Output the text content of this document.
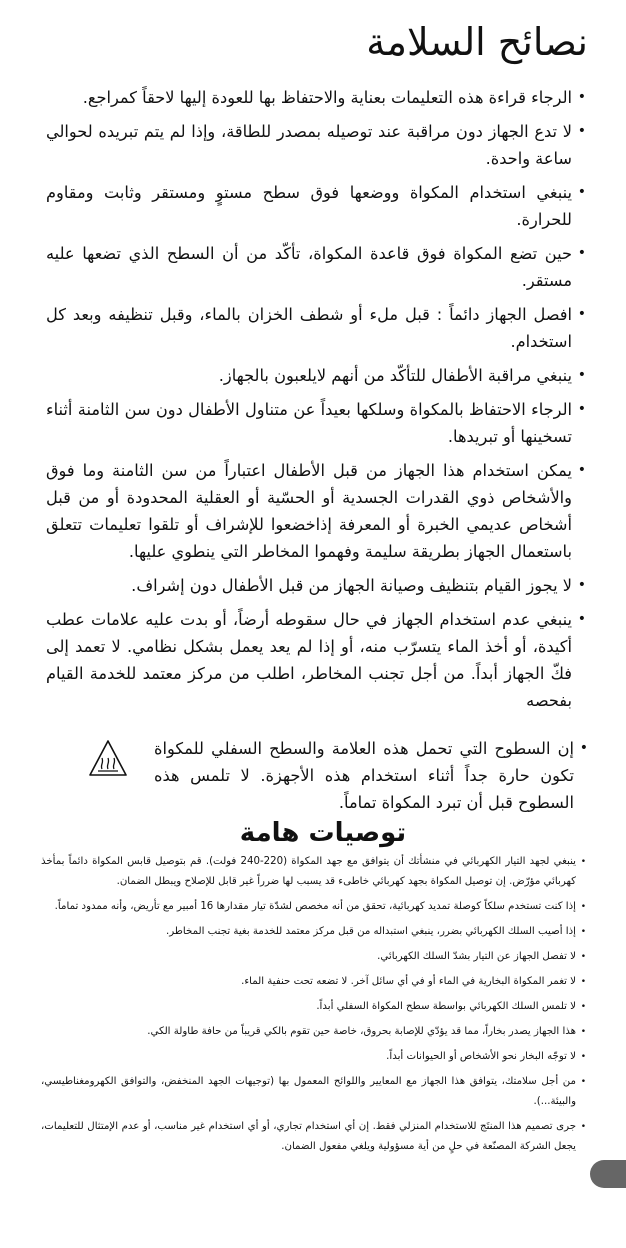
نصائح السلامة
• الرجاء قراءة هذه التعليمات بعناية والاحتفاظ بها للعودة إليها لاحقاً كمراجع.
• لا تدع الجهاز دون مراقبة عند توصيله بمصدر للطاقة، وإذا لم يتم تبريده لحوالي ساعة واحدة.
• ينبغي استخدام المكواة ووضعها فوق سطح مستوٍ ومستقر وثابت ومقاوم للحرارة.
• حين تضع المكواة فوق قاعدة المكواة، تأكّد من أن السطح الذي تضعها عليه مستقر.
• افصل الجهاز دائماً : قبل ملء أو شطف الخزان بالماء، وقبل تنظيفه وبعد كل استخدام.
• ينبغي مراقبة الأطفال للتأكّد من أنهم لايلعبون بالجهاز.
• الرجاء الاحتفاظ بالمكواة وسلكها بعيداً عن متناول الأطفال دون سن الثامنة أثناء تسخينها أو تبريدها.
• يمكن استخدام هذا الجهاز من قبل الأطفال اعتباراً من سن الثامنة وما فوق والأشخاص ذوي القدرات الجسدية أو الحسّية أو العقلية المحدودة أو من قبل أشخاص عديمي الخبرة أو المعرفة إذاخضعوا للإشراف أو تلقوا تعليمات تتعلق باستعمال الجهاز بطريقة سليمة وفهموا المخاطر التي ينطوي عليها.
• لا يجوز القيام بتنظيف وصيانة الجهاز من قبل الأطفال دون إشراف.
• ينبغي عدم استخدام الجهاز في حال سقوطه أرضاً، أو بدت عليه علامات عطب أكيدة، أو أخذ الماء يتسرّب منه، أو إذا لم يعد يعمل بشكل نظامي. لا تعمد إلى فكّ الجهاز أبداً. من أجل تجنب المخاطر، اطلب من مركز معتمد للخدمة القيام بفحصه
•
إن السطوح التي تحمل هذه العلامة والسطح السفلي للمكواة تكون حارة جداً أثناء استخدام هذه الأجهزة. لا تلمس هذه السطوح قبل أن تبرد المكواة تماماً.
توصيات هامة
• ينبغي لجهد التيار الكهربائي في منشأتك أن يتوافق مع جهد المكواة (220-240 فولت). قم بتوصيل قابس المكواة دائماً بمأخذ كهربائي مؤرّض. إن توصيل المكواة بجهد كهربائي خاطىء قد يسبب لها ضرراً غير قابل للإصلاح ويبطل الضمان.
• إذا كنت تستخدم سلكاً كوصلة تمديد كهربائية، تحقق من أنه مخصص لشدّة تيار مقدارها 16 أمبير مع تأريض، وأنه ممدود تماماً.
• إذا أصيب السلك الكهربائي بضرر، ينبغي استبداله من قبل مركز معتمد للخدمة بغية تجنب المخاطر.
• لا تفصل الجهاز عن التيار بشدّ السلك الكهربائي.
• لا تغمر المكواة البخارية في الماء أو في أي سائل آخر. لا تضعه تحت حنفية الماء.
• لا تلمس السلك الكهربائي بواسطة سطح المكواة السفلي أبداً.
• هذا الجهاز يصدر بخاراً، مما قد يؤدّي للإصابة بحروق، خاصة حين تقوم بالكي قريباً من حافة طاولة الكي.
• لا توجّه البخار نحو الأشخاص أو الحيوانات أبداً.
• من أجل سلامتك، يتوافق هذا الجهاز مع المعايير واللوائح المعمول بها (توجيهات الجهد المنخفض، والتوافق الكهرومغناطيسي، والبيئة...).
• جرى تصميم هذا المنتَج للاستخدام المنزلي فقط. إن أي استخدام تجاري، أو أي استخدام غير مناسب، أو عدم الإمتثال للتعليمات، يجعل الشركة المصنّعة في حلٍ من أية مسؤولية ويلغي مفعول الضمان.
